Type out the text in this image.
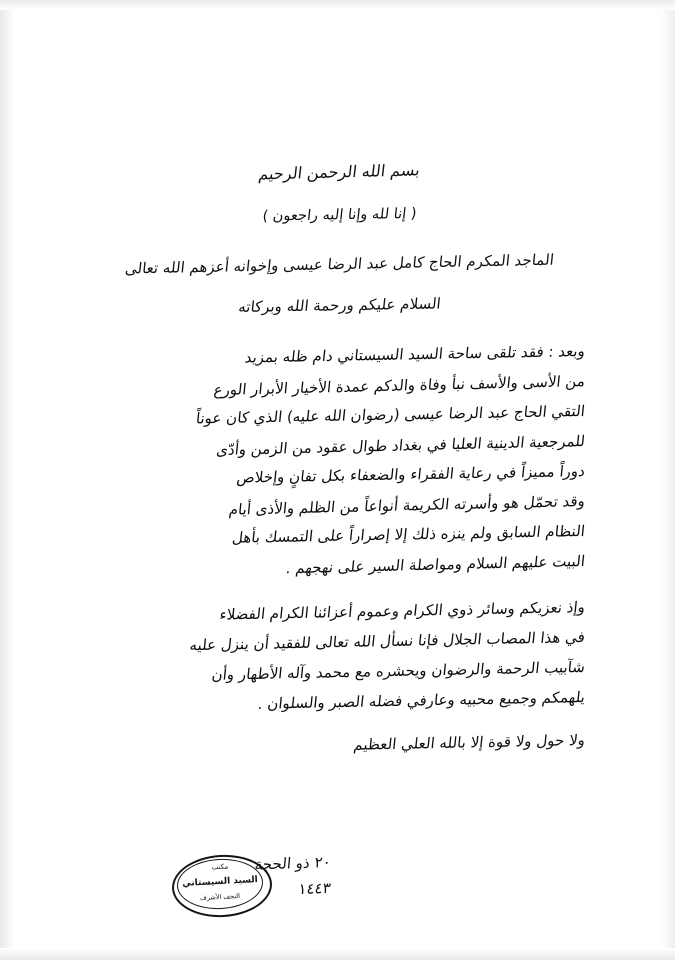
بسم الله الرحمن الرحيم
( إنا لله وإنا إليه راجعون )
الماجد المكرم الحاج كامل عبد الرضا عيسى وإخوانه أعزهم الله تعالى
السلام عليكم ورحمة الله وبركاته
وبعد : فقد تلقى ساحة السيد السيستاني دام ظله بمزيد
من الأسى والأسف نبأ وفاة والدكم عمدة الأخيار الأبرار الورع
التقي الحاج عبد الرضا عيسى (رضوان الله عليه) الذي كان عوناً
للمرجعية الدينية العليا في بغداد طوال عقود من الزمن وأدّى
دوراً مميزاً في رعاية الفقراء والضعفاء بكل تفانٍ وإخلاص
وقد تحمّل هو وأسرته الكريمة أنواعاً من الظلم والأذى أيام
النظام السابق ولم ينزه ذلك إلا إصراراً على التمسك بأهل
البيت عليهم السلام ومواصلة السير على نهجهم .
وإذ نعزيكم وسائر ذوي الكرام وعموم أعزائنا الكرام الفضلاء
في هذا المصاب الجلال فإنا نسأل الله تعالى للفقيد أن ينزل عليه
شآبيب الرحمة والرضوان ويحشره مع محمد وآله الأطهار وأن
يلهمكم وجميع محبيه وعارفي فضله الصبر والسلوان .
ولا حول ولا قوة إلا بالله العلي العظيم
مكتب
السيد السيستاني
النجف الأشرف
٢٠ ذو الحجة
١٤٤٣
